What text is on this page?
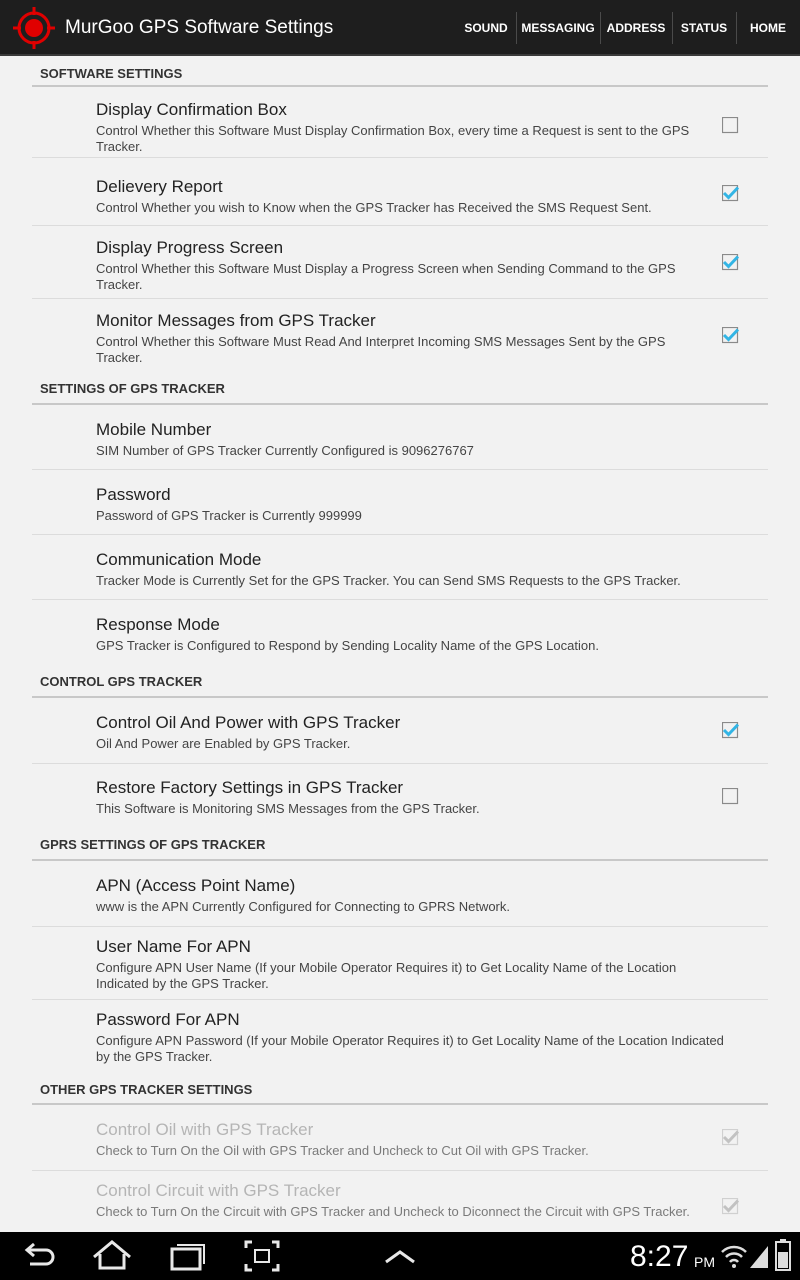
MurGoo GPS Software Settings	SOUND	MESSAGING ADDRESS	STATUS	HOME
SOFTWARE SETTINGS
Display Confirmation Box
Control Whether this Software Must Display Confirmation Box, every time a Request is sent to the GPS Tracker.
Delievery Report
Control Whether you wish to Know when the GPS Tracker has Received the SMS Request Sent.
Display Progress Screen
Control Whether this Software Must Display a Progress Screen when Sending Command to the GPS Tracker.
Monitor Messages from GPS Tracker
Control Whether this Software Must Read And Interpret Incoming SMS Messages Sent by the GPS Tracker.
SETTINGS OF GPS TRACKER
Mobile Number
SIM Number of GPS Tracker Currently Configured is 9096276767
Password
Password of GPS Tracker is Currently 999999
Communication Mode
Tracker Mode is Currently Set for the GPS Tracker. You can Send SMS Requests to the GPS Tracker.
Response Mode
GPS Tracker is Configured to Respond by Sending Locality Name of the GPS Location.
CONTROL GPS TRACKER
Control Oil And Power with GPS Tracker
Oil And Power are Enabled by GPS Tracker.
Restore Factory Settings in GPS Tracker
This Software is Monitoring SMS Messages from the GPS Tracker.
GPRS SETTINGS OF GPS TRACKER
APN (Access Point Name)
www is the APN Currently Configured for Connecting to GPRS Network.
User Name For APN
Configure APN User Name (If your Mobile Operator Requires it) to Get Locality Name of the Location Indicated by the GPS Tracker.
Password For APN
Configure APN Password (If your Mobile Operator Requires it) to Get Locality Name of the Location Indicated by the GPS Tracker.
OTHER GPS TRACKER SETTINGS
Control Oil with GPS Tracker
Check to Turn On the Oil with GPS Tracker and Uncheck to Cut Oil with GPS Tracker.
Control Circuit with GPS Tracker
Check to Turn On the Circuit with GPS Tracker and Uncheck to Diconnect the Circuit with GPS Tracker.
8:27 PM
